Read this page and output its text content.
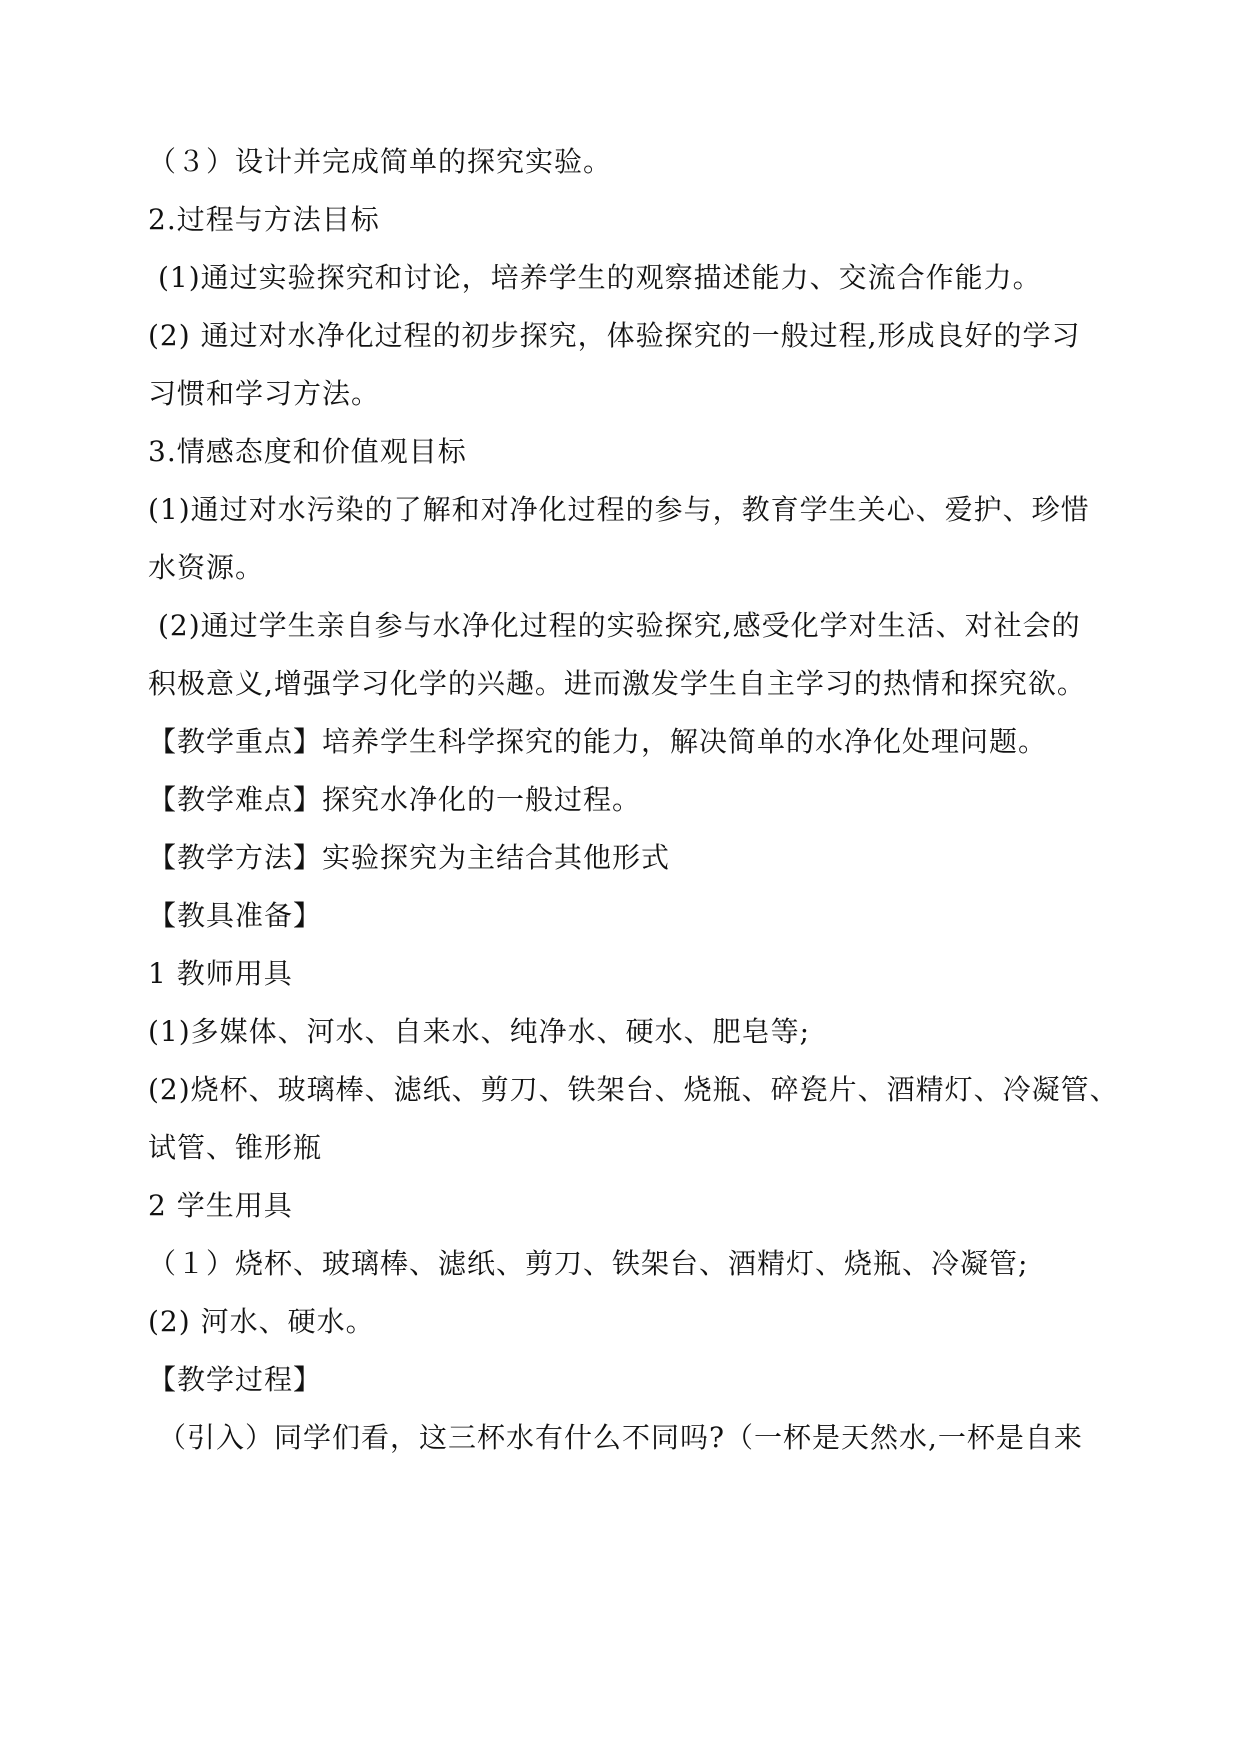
（３）设计并完成简单的探究实验。
2.过程与方法目标
(1)通过实验探究和讨论，培养学生的观察描述能力、交流合作能力。
(2) 通过对水净化过程的初步探究，体验探究的一般过程,形成良好的学习
习惯和学习方法。
3.情感态度和价值观目标
(1)通过对水污染的了解和对净化过程的参与，教育学生关心、爱护、珍惜
水资源。
(2)通过学生亲自参与水净化过程的实验探究,感受化学对生活、对社会的
积极意义,增强学习化学的兴趣。进而激发学生自主学习的热情和探究欲。
【教学重点】培养学生科学探究的能力，解决简单的水净化处理问题。
【教学难点】探究水净化的一般过程。
【教学方法】实验探究为主结合其他形式
【教具准备】
1 教师用具
(1)多媒体、河水、自来水、纯净水、硬水、肥皂等;
(2)烧杯、玻璃棒、滤纸、剪刀、铁架台、烧瓶、碎瓷片、酒精灯、冷凝管、
试管、锥形瓶
2 学生用具
（１）烧杯、玻璃棒、滤纸、剪刀、铁架台、酒精灯、烧瓶、冷凝管;
(2) 河水、硬水。
【教学过程】
（引入）同学们看，这三杯水有什么不同吗?（一杯是天然水,一杯是自来
